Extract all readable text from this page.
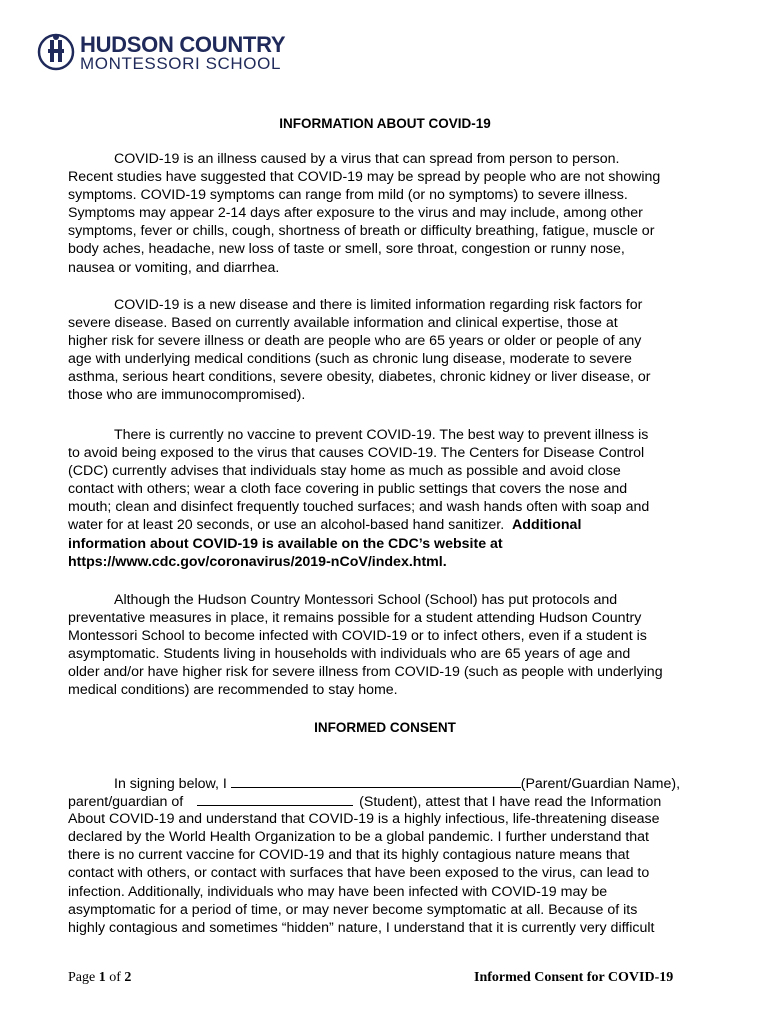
HUDSON COUNTRY
MONTESSORI SCHOOL
INFORMATION ABOUT COVID-19
COVID-19 is an illness caused by a virus that can spread from person to person.
Recent studies have suggested that COVID-19 may be spread by people who are not showing
symptoms. COVID-19 symptoms can range from mild (or no symptoms) to severe illness.
Symptoms may appear 2-14 days after exposure to the virus and may include, among other
symptoms, fever or chills, cough, shortness of breath or difficulty breathing, fatigue, muscle or
body aches, headache, new loss of taste or smell, sore throat, congestion or runny nose,
nausea or vomiting, and diarrhea.
COVID-19 is a new disease and there is limited information regarding risk factors for
severe disease. Based on currently available information and clinical expertise, those at
higher risk for severe illness or death are people who are 65 years or older or people of any
age with underlying medical conditions (such as chronic lung disease, moderate to severe
asthma, serious heart conditions, severe obesity, diabetes, chronic kidney or liver disease, or
those who are immunocompromised).
There is currently no vaccine to prevent COVID-19. The best way to prevent illness is
to avoid being exposed to the virus that causes COVID-19. The Centers for Disease Control
(CDC) currently advises that individuals stay home as much as possible and avoid close
contact with others; wear a cloth face covering in public settings that covers the nose and
mouth; clean and disinfect frequently touched surfaces; and wash hands often with soap and
water for at least 20 seconds, or use an alcohol-based hand sanitizer.  Additional
information about COVID-19 is available on the CDC’s website at
https://www.cdc.gov/coronavirus/2019-nCoV/index.html.
Although the Hudson Country Montessori School (School) has put protocols and
preventative measures in place, it remains possible for a student attending Hudson Country
Montessori School to become infected with COVID-19 or to infect others, even if a student is
asymptomatic. Students living in households with individuals who are 65 years of age and
older and/or have higher risk for severe illness from COVID-19 (such as people with underlying
medical conditions) are recommended to stay home.
INFORMED CONSENT
In signing below, I	(Parent/Guardian Name),
parent/guardian of	(Student), attest that I have read the Information
About COVID-19 and understand that COVID-19 is a highly infectious, life-threatening disease
declared by the World Health Organization to be a global pandemic. I further understand that
there is no current vaccine for COVID-19 and that its highly contagious nature means that
contact with others, or contact with surfaces that have been exposed to the virus, can lead to
infection. Additionally, individuals who may have been infected with COVID-19 may be
asymptomatic for a period of time, or may never become symptomatic at all. Because of its
highly contagious and sometimes “hidden” nature, I understand that it is currently very difficult
Page 1 of 2	Informed Consent for COVID-19
